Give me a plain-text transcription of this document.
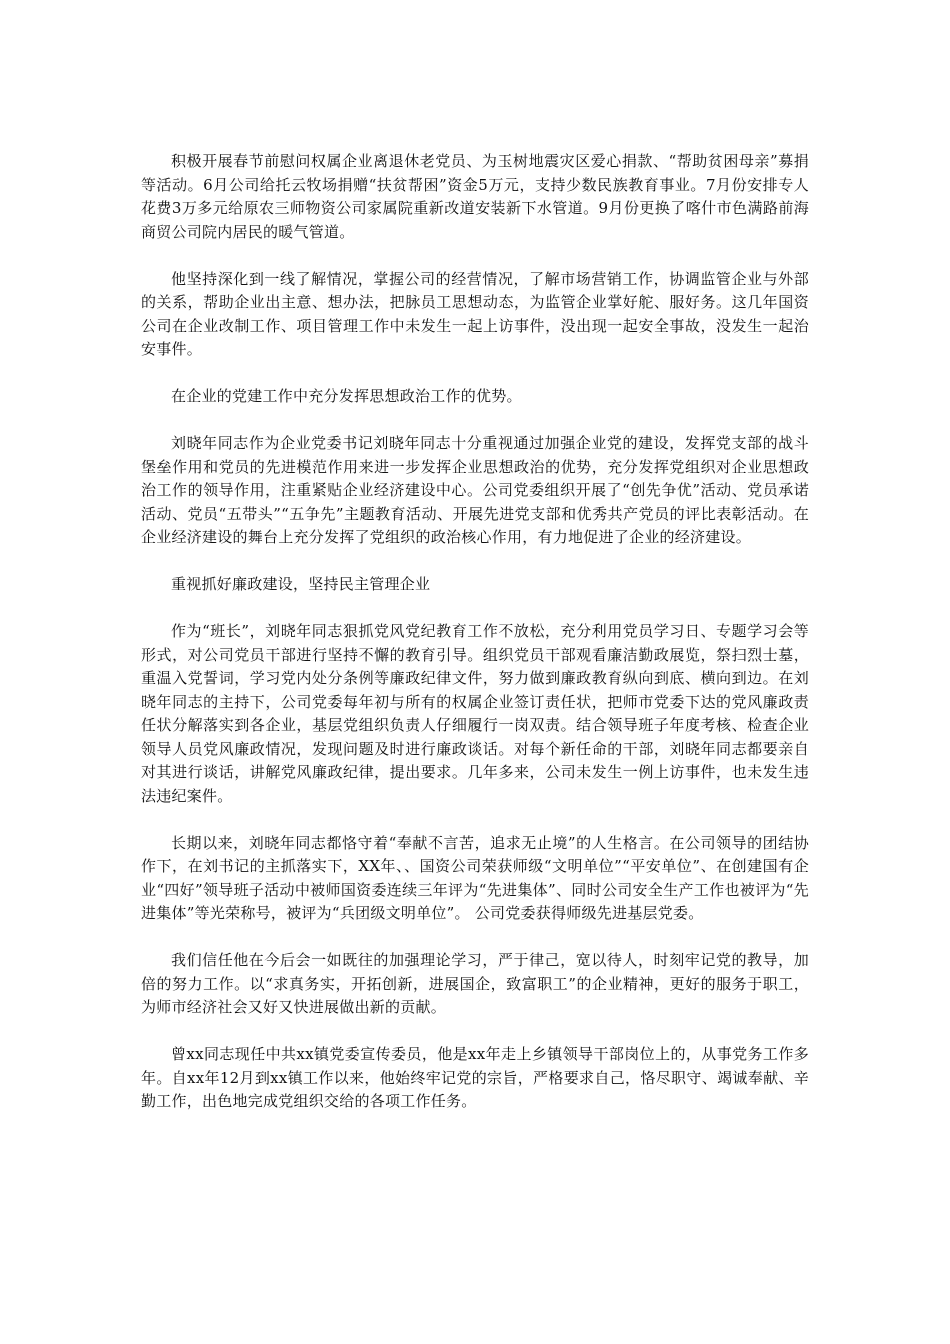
积极开展春节前慰问权属企业离退休老党员、为玉树地震灾区爱心捐款、“帮助贫困母亲”募捐等活动。6月公司给托云牧场捐赠“扶贫帮困”资金5万元，支持少数民族教育事业。7月份安排专人花费3万多元给原农三师物资公司家属院重新改道安装新下水管道。9月份更换了喀什市色满路前海商贸公司院内居民的暖气管道。

他坚持深化到一线了解情况，掌握公司的经营情况，了解市场营销工作，协调监管企业与外部的关系，帮助企业出主意、想办法，把脉员工思想动态，为监管企业掌好舵、服好务。这几年国资公司在企业改制工作、项目管理工作中未发生一起上访事件，没出现一起安全事故，没发生一起治安事件。

在企业的党建工作中充分发挥思想政治工作的优势。

刘晓年同志作为企业党委书记刘晓年同志十分重视通过加强企业党的建设，发挥党支部的战斗堡垒作用和党员的先进模范作用来进一步发挥企业思想政治的优势，充分发挥党组织对企业思想政治工作的领导作用，注重紧贴企业经济建设中心。公司党委组织开展了“创先争优”活动、党员承诺活动、党员“五带头”“五争先”主题教育活动、开展先进党支部和优秀共产党员的评比表彰活动。在企业经济建设的舞台上充分发挥了党组织的政治核心作用，有力地促进了企业的经济建设。

重视抓好廉政建设，坚持民主管理企业

作为“班长”，刘晓年同志狠抓党风党纪教育工作不放松，充分利用党员学习日、专题学习会等形式，对公司党员干部进行坚持不懈的教育引导。组织党员干部观看廉洁勤政展览，祭扫烈士墓，重温入党誓词，学习党内处分条例等廉政纪律文件，努力做到廉政教育纵向到底、横向到边。在刘晓年同志的主持下，公司党委每年初与所有的权属企业签订责任状，把师市党委下达的党风廉政责任状分解落实到各企业，基层党组织负责人仔细履行一岗双责。结合领导班子年度考核、检查企业领导人员党风廉政情况，发现问题及时进行廉政谈话。对每个新任命的干部，刘晓年同志都要亲自对其进行谈话，讲解党风廉政纪律，提出要求。几年多来，公司未发生一例上访事件，也未发生违法违纪案件。

长期以来，刘晓年同志都恪守着“奉献不言苦，追求无止境”的人生格言。在公司领导的团结协作下，在刘书记的主抓落实下，XX年、、国资公司荣获师级“文明单位”“平安单位”、在创建国有企业“四好”领导班子活动中被师国资委连续三年评为“先进集体”、同时公司安全生产工作也被评为“先进集体”等光荣称号，被评为“兵团级文明单位”。 公司党委获得师级先进基层党委。

我们信任他在今后会一如既往的加强理论学习，严于律己，宽以待人，时刻牢记党的教导，加倍的努力工作。以“求真务实，开拓创新，进展国企，致富职工”的企业精神，更好的服务于职工，为师市经济社会又好又快进展做出新的贡献。

曾xx同志现任中共xx镇党委宣传委员，他是xx年走上乡镇领导干部岗位上的，从事党务工作多年。自xx年12月到xx镇工作以来，他始终牢记党的宗旨，严格要求自己，恪尽职守、竭诚奉献、辛勤工作，出色地完成党组织交给的各项工作任务。
